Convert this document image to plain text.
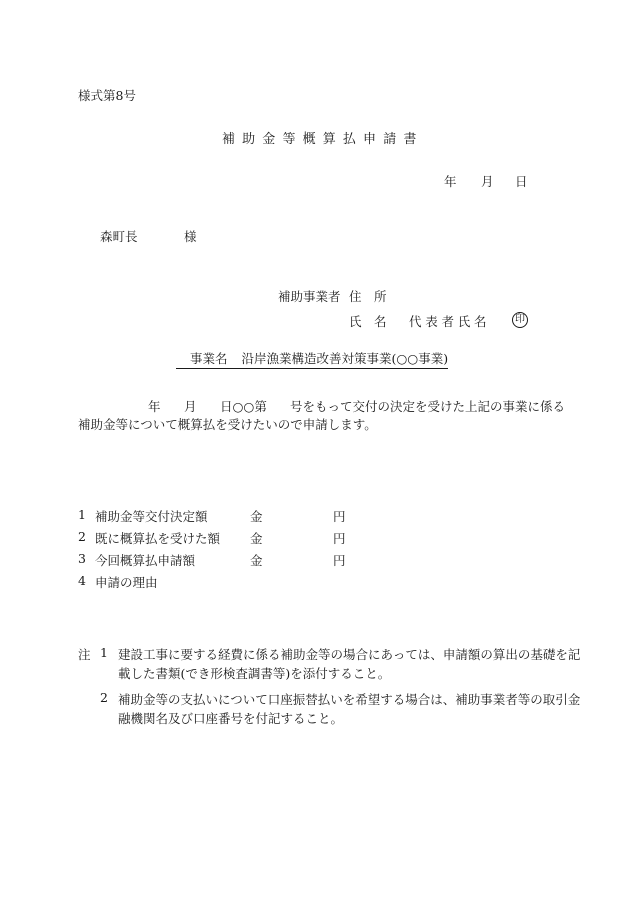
様式第8号
補助金等概算払申請書
年 月 日
森町長	様
補助事業者 住　所
氏　名 代表者氏名	印
事業名 沿岸漁業構造改善対策事業(○○事業)
年 月 日○○第 号をもって交付の決定を受けた上記の事業に係る
補助金等について概算払を受けたいので申請します。
1 補助金等交付決定額	金	円
2 既に概算払を受けた額 金	円
3 今回概算払申請額	金	円
4 申請の理由
注 1 建設工事に要する経費に係る補助金等の場合にあっては、申請額の算出の基礎を記
載した書類(でき形検査調書等)を添付すること。
2 補助金等の支払いについて口座振替払いを希望する場合は、補助事業者等の取引金
融機関名及び口座番号を付記すること。
